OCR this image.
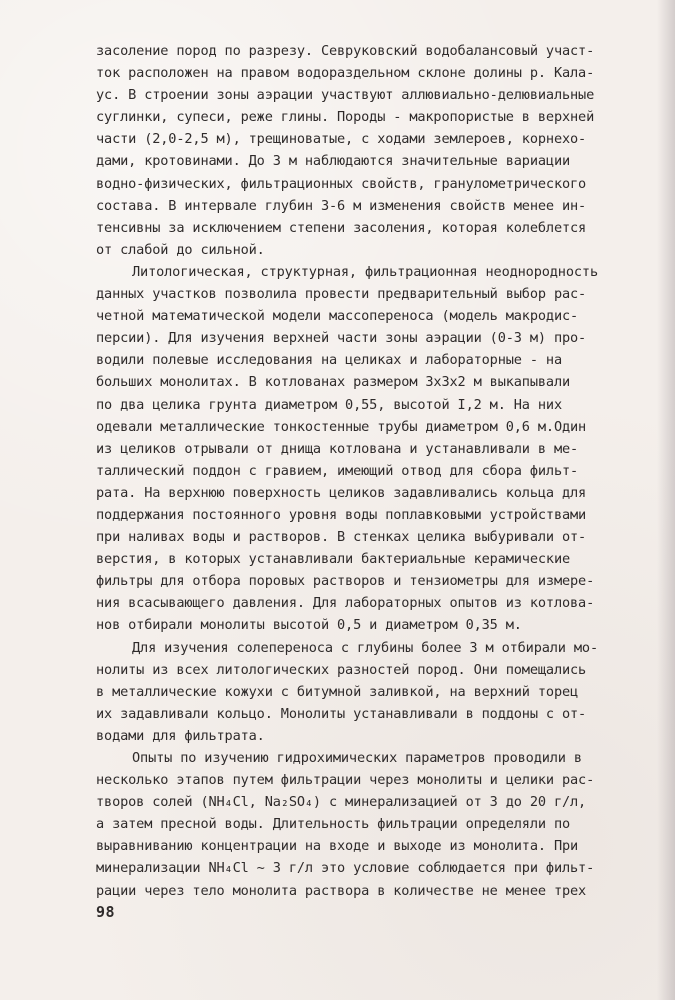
засоление пород по разрезу. Севруковский водобалансовый участ-
ток расположен на правом водораздельном склоне долины р. Кала-
ус. В строении зоны аэрации участвуют аллювиально-делювиальные
суглинки, супеси, реже глины. Породы - макропористые в верхней
части (2,0-2,5 м), трещиноватые, с ходами землероев, корнехо-
дами, кротовинами. До 3 м наблюдаются значительные вариации
водно-физических, фильтрационных свойств, гранулометрического
состава. В интервале глубин 3-6 м изменения свойств менее ин-
тенсивны за исключением степени засоления, которая колеблется
от слабой до сильной.
Литологическая, структурная, фильтрационная неоднородность
данных участков позволила провести предварительный выбор рас-
четной математической модели массопереноса (модель макродис-
персии). Для изучения верхней части зоны аэрации (0-3 м) про-
водили полевые исследования на целиках и лабораторные - на
больших монолитах. В котлованах размером 3x3x2 м выкапывали
по два целика грунта диаметром 0,55, высотой I,2 м. На них
одевали металлические тонкостенные трубы диаметром 0,6 м.Один
из целиков отрывали от днища котлована и устанавливали в ме-
таллический поддон с гравием, имеющий отвод для сбора фильт-
рата. На верхнюю поверхность целиков задавливались кольца для
поддержания постоянного уровня воды поплавковыми устройствами
при наливах воды и растворов. В стенках целика выбуривали от-
верстия, в которых устанавливали бактериальные керамические
фильтры для отбора поровых растворов и тензиометры для измере-
ния всасывающего давления. Для лабораторных опытов из котлова-
нов отбирали монолиты высотой 0,5 и диаметром 0,35 м.
Для изучения солепереноса с глубины более 3 м отбирали мо-
нолиты из всех литологических разностей пород. Они помещались
в металлические кожухи с битумной заливкой, на верхний торец
их задавливали кольцо. Монолиты устанавливали в поддоны с от-
водами для фильтрата.
Опыты по изучению гидрохимических параметров проводили в
несколько этапов путем фильтрации через монолиты и целики рас-
творов солей (NH₄Cl, Na₂SO₄) с минерализацией от 3 до 20 г/л,
а затем пресной воды. Длительность фильтрации определяли по
выравниванию концентрации на входе и выходе из монолита. При
минерализации NH₄Cl ~ 3 г/л это условие соблюдается при фильт-
рации через тело монолита раствора в количестве не менее трех
98
